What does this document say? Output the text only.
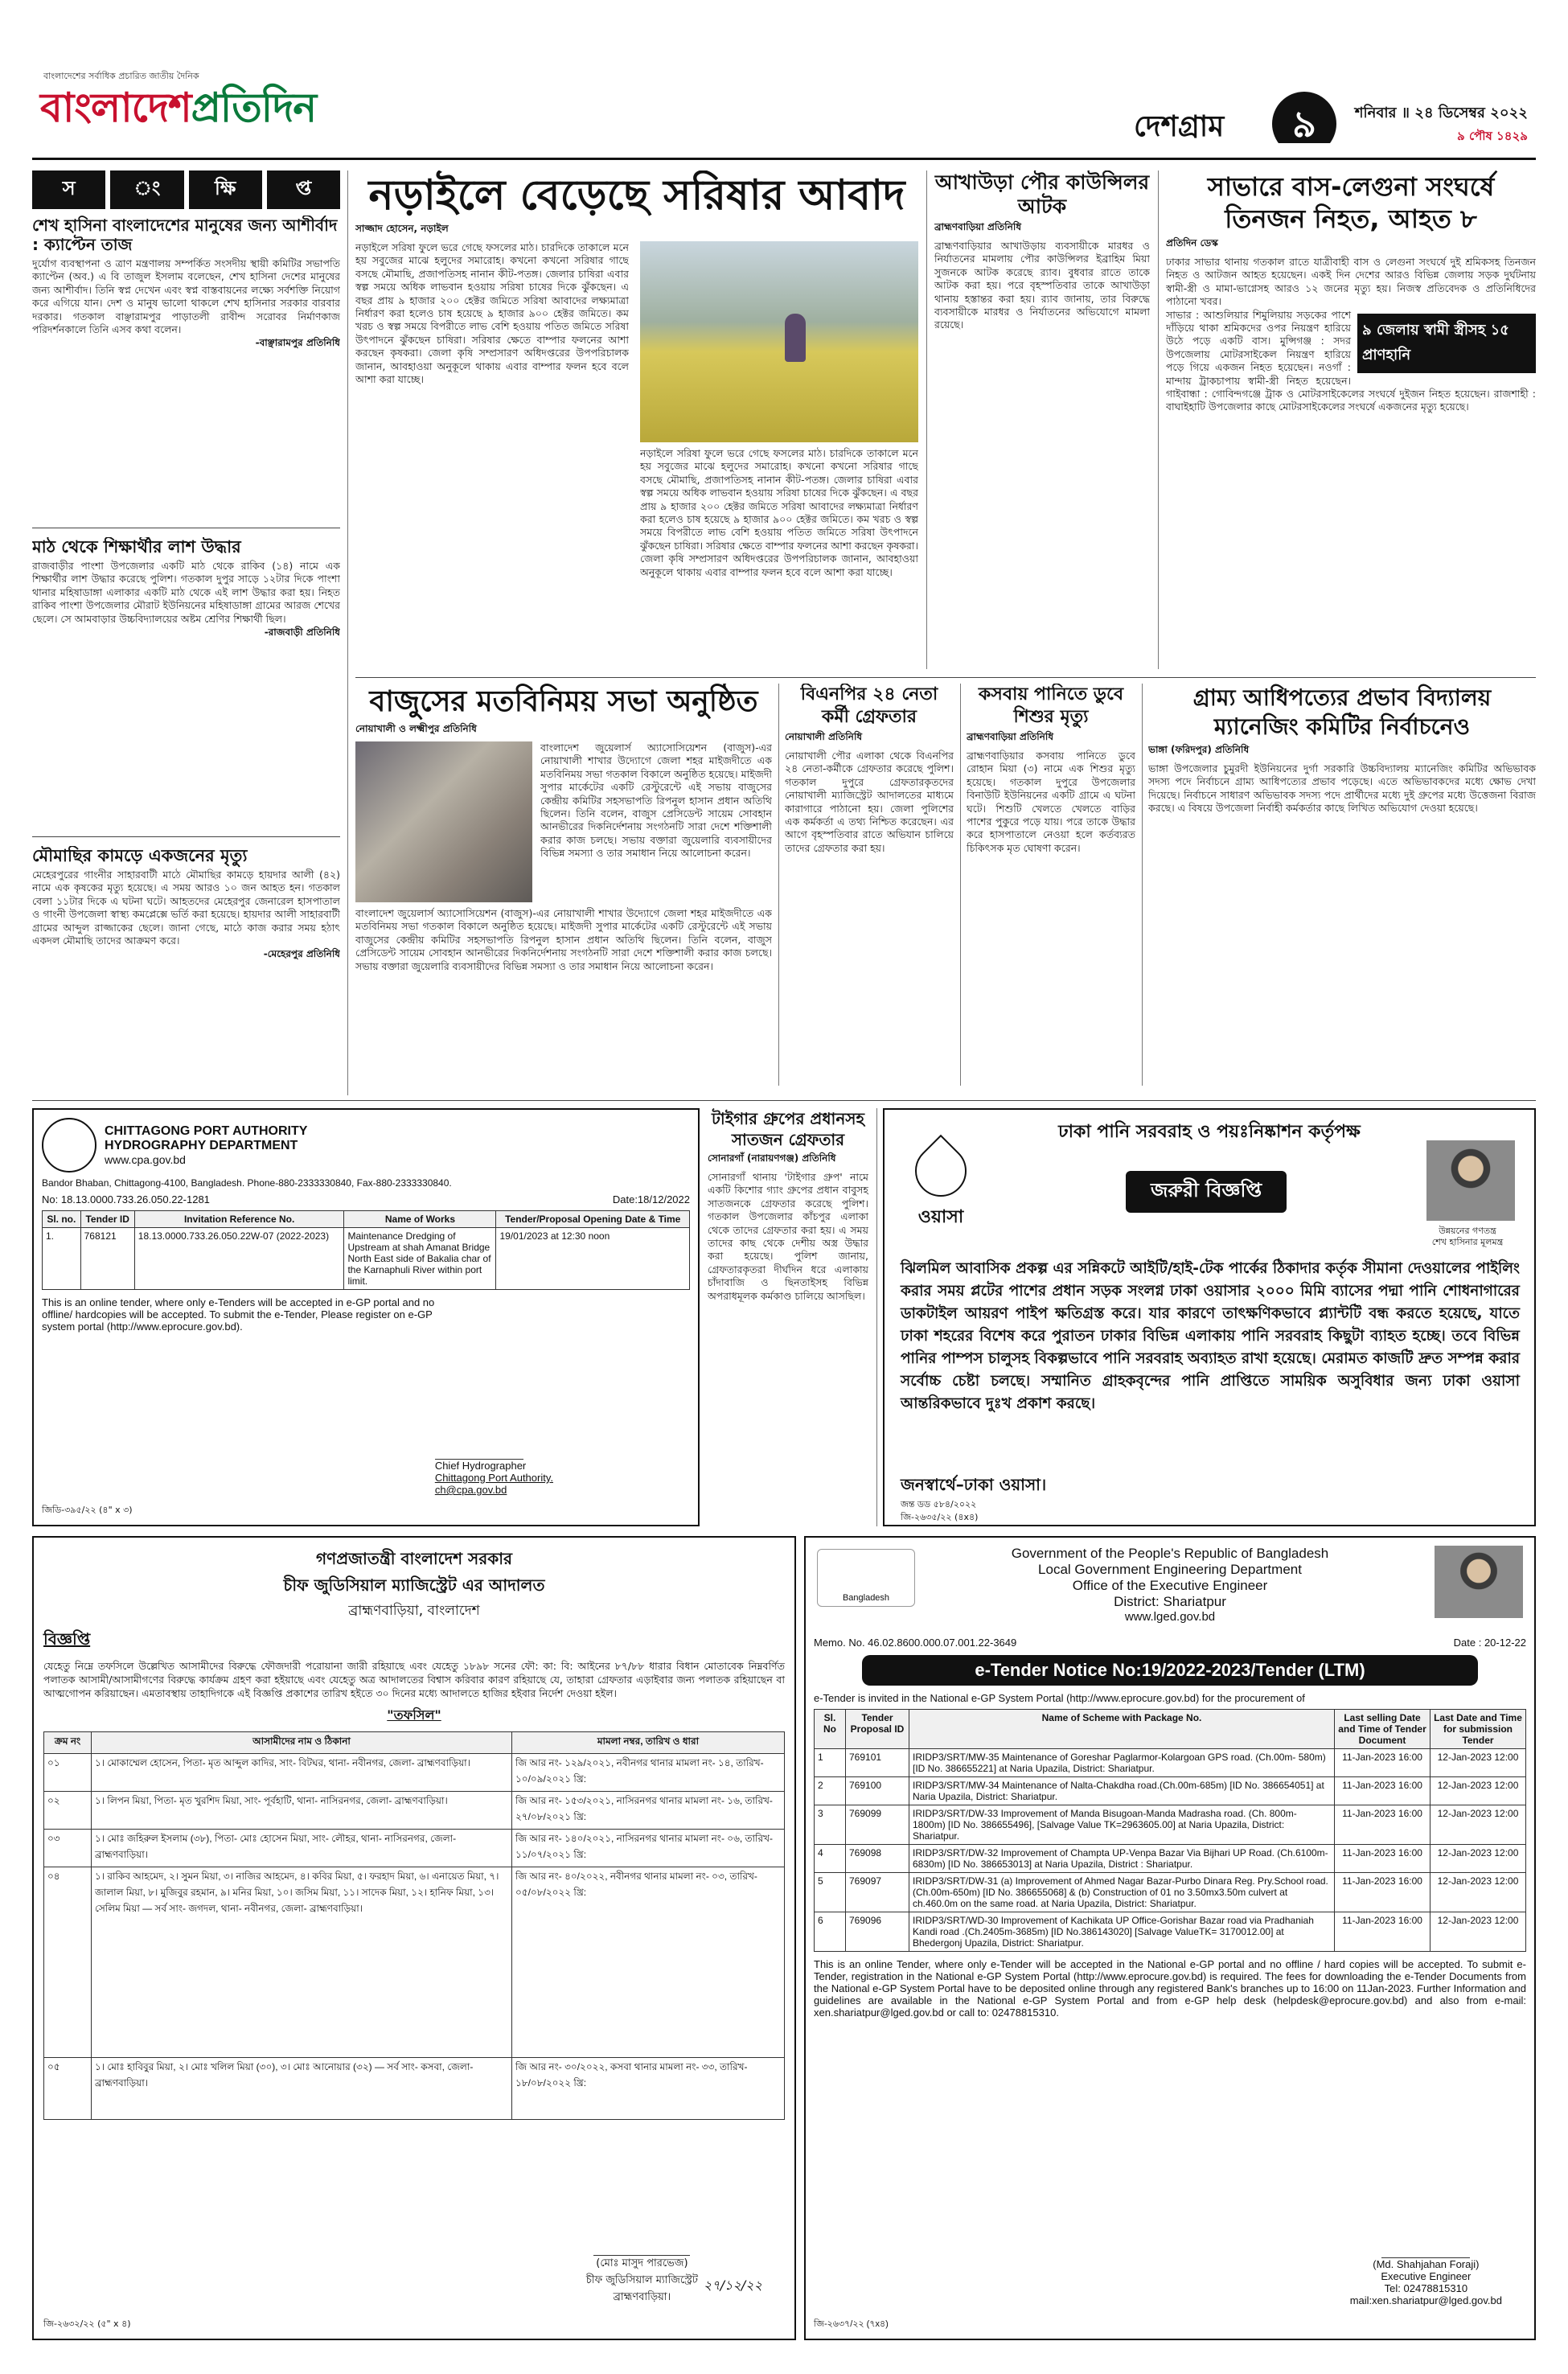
বাংলাদেশের সর্বাধিক প্রচারিত জাতীয় দৈনিক
বাংলাদেশপ্রতিদিন	দেশগ্রাম	৯	শনিবার ॥ ২৪ ডিসেম্বর ২০২২
৯ পৌষ ১৪২৯
স	ং	ক্ষি	প্ত
শেখ হাসিনা বাংলাদেশের মানুষের জন্য আশীর্বাদ : ক্যাপ্টেন তাজ
দুর্যোগ ব্যবস্থাপনা ও ত্রাণ মন্ত্রণালয় সম্পর্কিত সংসদীয় স্থায়ী কমিটির সভাপতি ক্যাপ্টেন (অব.) এ বি তাজুল ইসলাম বলেছেন, শেখ হাসিনা দেশের মানুষের জন্য আশীর্বাদ। তিনি স্বপ্ন দেখেন এবং স্বপ্ন বাস্তবায়নের লক্ষ্যে সর্বশক্তি নিয়োগ করে এগিয়ে যান। দেশ ও মানুষ ভালো থাকলে শেখ হাসিনার সরকার বারবার দরকার। গতকাল বাঞ্ছারামপুর পাড়াতলী রাবীন্দ সরোবর নির্মাণকাজ পরিদর্শনকালে তিনি এসব কথা বলেন।
-বাঞ্ছারামপুর প্রতিনিধি
মাঠ থেকে শিক্ষার্থীর লাশ উদ্ধার
রাজবাড়ীর পাংশা উপজেলার একটি মাঠ থেকে রাকিব (১৪) নামে এক শিক্ষার্থীর লাশ উদ্ধার করেছে পুলিশ। গতকাল দুপুর সাড়ে ১২টার দিকে পাংশা থানার মহিষাডাঙ্গা এলাকার একটি মাঠ থেকে এই লাশ উদ্ধার করা হয়। নিহত রাকিব পাংশা উপজেলার মৌরাট ইউনিয়নের মহিষাডাঙ্গা গ্রামের আরজ শেখের ছেলে। সে আমবাড়ার উচ্চবিদ্যালয়ের অষ্টম শ্রেণির শিক্ষার্থী ছিল।
-রাজবাড়ী প্রতিনিধি
মৌমাছির কামড়ে একজনের মৃত্যু
মেহেরপুরের গাংনীর সাহারবাটী মাঠে মৌমাছির কামড়ে হায়দার আলী (৪২) নামে এক কৃষকের মৃত্যু হয়েছে। এ সময় আরও ১০ জন আহত হন। গতকাল বেলা ১১টার দিকে এ ঘটনা ঘটে। আহতদের মেহেরপুর জেনারেল হাসপাতাল ও গাংনী উপজেলা স্বাস্থ্য কমপ্লেক্সে ভর্তি করা হয়েছে। হায়দার আলী সাহারবাটী গ্রামের আব্দুল রাজ্জাকের ছেলে। জানা গেছে, মাঠে কাজ করার সময় হঠাৎ একদল মৌমাছি তাদের আক্রমণ করে।
-মেহেরপুর প্রতিনিধি
নড়াইলে বেড়েছে সরিষার আবাদ
সাজ্জাদ হোসেন, নড়াইল
নড়াইলে সরিষা ফুলে ভরে গেছে ফসলের মাঠ। চারদিকে তাকালে মনে হয় সবুজের মাঝে হলুদের সমারোহ। কখনো কখনো সরিষার গাছে বসছে মৌমাছি, প্রজাপতিসহ নানান কীট-পতঙ্গ। জেলার চাষিরা এবার স্বল্প সময়ে অধিক লাভবান হওয়ায় সরিষা চাষের দিকে ঝুঁকছেন। এ বছর প্রায় ৯ হাজার ২০০ হেক্টর জমিতে সরিষা আবাদের লক্ষ্যমাত্রা নির্ধারণ করা হলেও চাষ হয়েছে ৯ হাজার ৯০০ হেক্টর জমিতে। কম খরচ ও স্বল্প সময়ে বিপরীতে লাভ বেশি হওয়ায় পতিত জমিতে সরিষা উৎপাদনে ঝুঁকছেন চাষিরা। সরিষার ক্ষেতে বাম্পার ফলনের আশা করছেন কৃষকরা। জেলা কৃষি সম্প্রসারণ অধিদপ্তরের উপপরিচালক জানান, আবহাওয়া অনুকূলে থাকায় এবার বাম্পার ফলন হবে বলে আশা করা যাচ্ছে।
নড়াইলে সরিষা ফুলে ভরে গেছে ফসলের মাঠ। চারদিকে তাকালে মনে হয় সবুজের মাঝে হলুদের সমারোহ। কখনো কখনো সরিষার গাছে বসছে মৌমাছি, প্রজাপতিসহ নানান কীট-পতঙ্গ। জেলার চাষিরা এবার স্বল্প সময়ে অধিক লাভবান হওয়ায় সরিষা চাষের দিকে ঝুঁকছেন। এ বছর প্রায় ৯ হাজার ২০০ হেক্টর জমিতে সরিষা আবাদের লক্ষ্যমাত্রা নির্ধারণ করা হলেও চাষ হয়েছে ৯ হাজার ৯০০ হেক্টর জমিতে। কম খরচ ও স্বল্প সময়ে বিপরীতে লাভ বেশি হওয়ায় পতিত জমিতে সরিষা উৎপাদনে ঝুঁকছেন চাষিরা। সরিষার ক্ষেতে বাম্পার ফলনের আশা করছেন কৃষকরা। জেলা কৃষি সম্প্রসারণ অধিদপ্তরের উপপরিচালক জানান, আবহাওয়া অনুকূলে থাকায় এবার বাম্পার ফলন হবে বলে আশা করা যাচ্ছে।
আখাউড়া পৌর কাউন্সিলর আটক
ব্রাহ্মণবাড়িয়া প্রতিনিধি
ব্রাহ্মণবাড়িয়ার আখাউড়ায় ব্যবসায়ীকে মারধর ও নির্যাতনের মামলায় পৌর কাউন্সিলর ইব্রাহিম মিয়া সুজনকে আটক করেছে র‌্যাব। বুধবার রাতে তাকে আটক করা হয়। পরে বৃহস্পতিবার তাকে আখাউড়া থানায় হস্তান্তর করা হয়। র‌্যাব জানায়, তার বিরুদ্ধে ব্যবসায়ীকে মারধর ও নির্যাতনের অভিযোগে মামলা রয়েছে।
সাভারে বাস-লেগুনা সংঘর্ষে তিনজন নিহত, আহত ৮
প্রতিদিন ডেস্ক
ঢাকার সাভার থানায় গতকাল রাতে যাত্রীবাহী বাস ও লেগুনা সংঘর্ষে দুই শ্রমিকসহ তিনজন নিহত ও আটজন আহত হয়েছেন। একই দিন দেশের আরও বিভিন্ন জেলায় সড়ক দুর্ঘটনায় স্বামী-স্ত্রী ও মামা-ভাগ্নেসহ আরও ১২ জনের মৃত্যু হয়। নিজস্ব প্রতিবেদক ও প্রতিনিধিদের পাঠানো খবর।
৯ জেলায় স্বামী স্ত্রীসহ ১৫ প্রাণহানি
সাভার : আশুলিয়ার শিমুলিয়ায় সড়কের পাশে দাঁড়িয়ে থাকা শ্রমিকদের ওপর নিয়ন্ত্রণ হারিয়ে উঠে পড়ে একটি বাস। মুন্সিগঞ্জ : সদর উপজেলায় মোটরসাইকেল নিয়ন্ত্রণ হারিয়ে পড়ে গিয়ে একজন নিহত হয়েছেন। নওগাঁ : মান্দায় ট্রাকচাপায় স্বামী-স্ত্রী নিহত হয়েছেন। গাইবান্ধা : গোবিন্দগঞ্জে ট্রাক ও মোটরসাইকেলের সংঘর্ষে দুইজন নিহত হয়েছেন। রাজশাহী : বাঘাইহাটি উপজেলার কাছে মোটরসাইকেলের সংঘর্ষে একজনের মৃত্যু হয়েছে।
বাজুসের মতবিনিময় সভা অনুষ্ঠিত
নোয়াখালী ও লক্ষ্মীপুর প্রতিনিধি
বাংলাদেশ জুয়েলার্স অ্যাসোসিয়েশন (বাজুস)-এর নোয়াখালী শাখার উদ্যোগে জেলা শহর মাইজদীতে এক মতবিনিময় সভা গতকাল বিকালে অনুষ্ঠিত হয়েছে। মাইজদী সুপার মার্কেটের একটি রেস্টুরেন্টে এই সভায় বাজুসের কেন্দ্রীয় কমিটির সহসভাপতি রিপনুল হাসান প্রধান অতিথি ছিলেন। তিনি বলেন, বাজুস প্রেসিডেন্ট সায়েম সোবহান আনভীরের দিকনির্দেশনায় সংগঠনটি সারা দেশে শক্তিশালী করার কাজ চলছে। সভায় বক্তারা জুয়েলারি ব্যবসায়ীদের বিভিন্ন সমস্যা ও তার সমাধান নিয়ে আলোচনা করেন।
বাংলাদেশ জুয়েলার্স অ্যাসোসিয়েশন (বাজুস)-এর নোয়াখালী শাখার উদ্যোগে জেলা শহর মাইজদীতে এক মতবিনিময় সভা গতকাল বিকালে অনুষ্ঠিত হয়েছে। মাইজদী সুপার মার্কেটের একটি রেস্টুরেন্টে এই সভায় বাজুসের কেন্দ্রীয় কমিটির সহসভাপতি রিপনুল হাসান প্রধান অতিথি ছিলেন। তিনি বলেন, বাজুস প্রেসিডেন্ট সায়েম সোবহান আনভীরের দিকনির্দেশনায় সংগঠনটি সারা দেশে শক্তিশালী করার কাজ চলছে। সভায় বক্তারা জুয়েলারি ব্যবসায়ীদের বিভিন্ন সমস্যা ও তার সমাধান নিয়ে আলোচনা করেন।
বিএনপির ২৪ নেতা কর্মী গ্রেফতার
নোয়াখালী প্রতিনিধি
নোয়াখালী পৌর এলাকা থেকে বিএনপির ২৪ নেতা-কর্মীকে গ্রেফতার করেছে পুলিশ। গতকাল দুপুরে গ্রেফতারকৃতদের নোয়াখালী ম্যাজিস্ট্রেট আদালতের মাধ্যমে কারাগারে পাঠানো হয়। জেলা পুলিশের এক কর্মকর্তা এ তথ্য নিশ্চিত করেছেন। এর আগে বৃহস্পতিবার রাতে অভিযান চালিয়ে তাদের গ্রেফতার করা হয়।
কসবায় পানিতে ডুবে শিশুর মৃত্যু
ব্রাহ্মণবাড়িয়া প্রতিনিধি
ব্রাহ্মণবাড়িয়ার কসবায় পানিতে ডুবে রোহান মিয়া (৩) নামে এক শিশুর মৃত্যু হয়েছে। গতকাল দুপুরে উপজেলার বিনাউটি ইউনিয়নের একটি গ্রামে এ ঘটনা ঘটে। শিশুটি খেলতে খেলতে বাড়ির পাশের পুকুরে পড়ে যায়। পরে তাকে উদ্ধার করে হাসপাতালে নেওয়া হলে কর্তব্যরত চিকিৎসক মৃত ঘোষণা করেন।
গ্রাম্য আধিপত্যের প্রভাব বিদ্যালয় ম্যানেজিং কমিটির নির্বাচনেও
ভাঙ্গা (ফরিদপুর) প্রতিনিধি
ভাঙ্গা উপজেলার চুমুরদী ইউনিয়নের দুর্গা সরকারি উচ্চবিদ্যালয় ম্যানেজিং কমিটির অভিভাবক সদস্য পদে নির্বাচনে গ্রাম্য আধিপত্যের প্রভাব পড়েছে। এতে অভিভাবকদের মধ্যে ক্ষোভ দেখা দিয়েছে। নির্বাচনে সাধারণ অভিভাবক সদস্য পদে প্রার্থীদের মধ্যে দুই গ্রুপের মধ্যে উত্তেজনা বিরাজ করছে। এ বিষয়ে উপজেলা নির্বাহী কর্মকর্তার কাছে লিখিত অভিযোগ দেওয়া হয়েছে।
CHITTAGONG PORT AUTHORITY
HYDROGRAPHY DEPARTMENT
www.cpa.gov.bd
Bandor Bhaban, Chittagong-4100, Bangladesh. Phone-880-2333330840, Fax-880-2333330840.
No: 18.13.0000.733.26.050.22-1281	Date:18/12/2022
Sl. no.	Tender ID	Invitation Reference No.	Name of Works	Tender/Proposal Opening Date & Time
1.	768121	18.13.0000.733.26.050.22W-07 (2022-2023)	Maintenance Dredging of Upstream at shah Amanat Bridge North East side of Bakalia char of the Karnaphuli River within port limit.	19/01/2023 at 12:30 noon
This is an online tender, where only e-Tenders will be accepted in e-GP portal and no offline/ hardcopies will be accepted. To submit the e-Tender, Please register on e-GP system portal (http://www.eprocure.gov.bd).
Chief Hydrographer
Chittagong Port Authority.
ch@cpa.gov.bd
জিডি-৩৯৫/২২ (৪" x ৩)
টাইগার গ্রুপের প্রধানসহ সাতজন গ্রেফতার
সোনারগাঁ (নারায়ণগঞ্জ) প্রতিনিধি
সোনারগাঁ থানায় 'টাইগার গ্রুপ' নামে একটি কিশোর গ্যাং গ্রুপের প্রধান বাবুসহ সাতজনকে গ্রেফতার করেছে পুলিশ। গতকাল উপজেলার কাঁচপুর এলাকা থেকে তাদের গ্রেফতার করা হয়। এ সময় তাদের কাছ থেকে দেশীয় অস্ত্র উদ্ধার করা হয়েছে। পুলিশ জানায়, গ্রেফতারকৃতরা দীর্ঘদিন ধরে এলাকায় চাঁদাবাজি ও ছিনতাইসহ বিভিন্ন অপরাধমূলক কর্মকাণ্ড চালিয়ে আসছিল।
ঢাকা পানি সরবরাহ ও পয়ঃনিষ্কাশন কর্তৃপক্ষ
ওয়াসা
জরুরী বিজ্ঞপ্তি
উন্নয়নের গণতন্ত্র
শেখ হাসিনার মূলমন্ত্র
ঝিলমিল আবাসিক প্রকল্প এর সন্নিকটে আইটি/হাই-টেক পার্কের ঠিকাদার কর্তৃক সীমানা দেওয়ালের পাইলিং করার সময় প্লটের পাশের প্রধান সড়ক সংলগ্ন ঢাকা ওয়াসার ২০০০ মিমি ব্যাসের পদ্মা পানি শোধনাগারের ডাকটাইল আয়রণ পাইপ ক্ষতিগ্রস্ত করে। যার কারণে তাৎক্ষণিকভাবে প্ল্যান্টটি বন্ধ করতে হয়েছে, যাতে ঢাকা শহরের বিশেষ করে পুরাতন ঢাকার বিভিন্ন এলাকায় পানি সরবরাহ কিছুটা ব্যাহত হচ্ছে। তবে বিভিন্ন পানির পাম্পস চালুসহ বিকল্পভাবে পানি সরবরাহ অব্যাহত রাখা হয়েছে। মেরামত কাজটি দ্রুত সম্পন্ন করার সর্বোচ্চ চেষ্টা চলছে। সম্মানিত গ্রাহকবৃন্দের পানি প্রাপ্তিতে সাময়িক অসুবিধার জন্য ঢাকা ওয়াসা আন্তরিকভাবে দুঃখ প্রকাশ করছে।
জনস্বার্থে–ঢাকা ওয়াসা।
জন্ত ডড ৫৮৪/২০২২
জি-২৬৩৫/২২ (৪x৪)
গণপ্রজাতন্ত্রী বাংলাদেশ সরকার
চীফ জুডিসিয়াল ম্যাজিস্ট্রেট এর আদালত
ব্রাহ্মণবাড়িয়া, বাংলাদেশ
বিজ্ঞপ্তি
যেহেতু নিম্নে তফসিলে উল্লেখিত আসামীদের বিরুদ্ধে ফৌজদারী পরোয়ানা জারী রহিয়াছে এবং যেহেতু ১৮৯৮ সনের ফৌ: কা: বি: আইনের ৮৭/৮৮ ধারার বিধান মোতাবেক নিম্নবর্ণিত পলাতক আসামী/আসামীগণের বিরুদ্ধে কার্যক্রম গ্রহণ করা হইয়াছে এবং যেহেতু অত্র আদালতের বিশ্বাস করিবার কারণ রহিয়াছে যে, তাহারা গ্রেফতার এড়াইবার জন্য পলাতক রহিয়াছেন বা আত্মগোপন করিয়াছেন। এমতাবস্থায় তাহাদিগকে এই বিজ্ঞপ্তি প্রকাশের তারিখ হইতে ৩০ দিনের মধ্যে আদালতে হাজির হইবার নির্দেশ দেওয়া হইল।
"তফসিল"
ক্রম নং	আসামীদের নাম ও ঠিকানা	মামলা নম্বর, তারিখ ও ধারা
০১	১। মোকাম্মেল হোসেন, পিতা- মৃত আব্দুল কাদির, সাং- বিটঘর, থানা- নবীনগর, জেলা- ব্রাহ্মণবাড়িয়া।	জি আর নং- ১২৯/২০২১, নবীনগর থানার মামলা নং- ১৪, তারিখ- ১০/০৯/২০২১ খ্রি:
০২	১। লিপন মিয়া, পিতা- মৃত খুরশিদ মিয়া, সাং- পূর্বহাটি, থানা- নাসিরনগর, জেলা- ব্রাহ্মণবাড়িয়া।	জি আর নং- ১৫৩/২০২১, নাসিরনগর থানার মামলা নং- ১৬, তারিখ- ২৭/০৮/২০২১ খ্রি:
০৩	১। মোঃ জহিরুল ইসলাম (৩৮), পিতা- মোঃ হোসেন মিয়া, সাং- লৌহর, থানা- নাসিরনগর, জেলা- ব্রাহ্মণবাড়িয়া।	জি আর নং- ১৪০/২০২১, নাসিরনগর থানার মামলা নং- ০৬, তারিখ- ১১/০৭/২০২১ খ্রি:
০৪	১। রাকিব আহমেদ, ২। সুমন মিয়া, ৩। নাজির আহমেদ, ৪। কবির মিয়া, ৫। ফরহাদ মিয়া, ৬। এনায়েত মিয়া, ৭। জালাল মিয়া, ৮। মুজিবুর রহমান, ৯। মনির মিয়া, ১০। জসিম মিয়া, ১১। সাদেক মিয়া, ১২। হানিফ মিয়া, ১৩। সেলিম মিয়া — সর্ব সাং- জগদল, থানা- নবীনগর, জেলা- ব্রাহ্মণবাড়িয়া।	জি আর নং- ৪০/২০২২, নবীনগর থানার মামলা নং- ০৩, তারিখ- ০৫/০৮/২০২২ খ্রি:
০৫	১। মোঃ হাবিবুর মিয়া, ২। মোঃ খলিল মিয়া (৩০), ৩। মোঃ আনোয়ার (৩২) — সর্ব সাং- কসবা, জেলা- ব্রাহ্মণবাড়িয়া।	জি আর নং- ৩০/২০২২, কসবা থানার মামলা নং- ৩৩, তারিখ- ১৮/০৮/২০২২ খ্রি:
(মোঃ মাসুদ পারভেজ)
চীফ জুডিসিয়াল ম্যাজিস্ট্রেট
ব্রাহ্মণবাড়িয়া।
২৭/১২/২২
জি-২৬৩২/২২ (৫" x ৪)
Bangladesh
Government of the People's Republic of Bangladesh
Local Government Engineering Department
Office of the Executive Engineer
District: Shariatpur
www.lged.gov.bd
Memo. No. 46.02.8600.000.07.001.22-3649	Date : 20-12-22
e-Tender Notice No:19/2022-2023/Tender (LTM)
e-Tender is invited in the National e-GP System Portal (http://www.eprocure.gov.bd) for the procurement of
Sl. No	Tender Proposal ID	Name of Scheme with Package No.	Last selling Date and Time of Tender Document	Last Date and Time for submission Tender
1	769101	IRIDP3/SRT/MW-35 Maintenance of Goreshar Paglarmor-Kolargoan GPS road. (Ch.00m- 580m) [ID No. 386655221] at Naria Upazila, District: Shariatpur.	11-Jan-2023 16:00	12-Jan-2023 12:00
2	769100	IRIDP3/SRT/MW-34 Maintenance of Nalta-Chakdha road.(Ch.00m-685m) [ID No. 386654051] at Naria Upazila, District: Shariatpur.	11-Jan-2023 16:00	12-Jan-2023 12:00
3	769099	IRIDP3/SRT/DW-33 Improvement of Manda Bisugoan-Manda Madrasha road. (Ch. 800m- 1800m) [ID No. 386655496], [Salvage Value TK=2963605.00] at Naria Upazila, District: Shariatpur.	11-Jan-2023 16:00	12-Jan-2023 12:00
4	769098	IRIDP3/SRT/DW-32 Improvement of Champta UP-Venpa Bazar Via Bijhari UP Road. (Ch.6100m-6830m) [ID No. 386653013] at Naria Upazila, District : Shariatpur.	11-Jan-2023 16:00	12-Jan-2023 12:00
5	769097	IRIDP3/SRT/DW-31 (a) Improvement of Ahmed Nagar Bazar-Purbo Dinara Reg. Pry.School road.(Ch.00m-650m) [ID No. 386655068] & (b) Construction of 01 no 3.50mx3.50m culvert at ch.460.0m on the same road. at Naria Upazila, District: Shariatpur.	11-Jan-2023 16:00	12-Jan-2023 12:00
6	769096	IRIDP3/SRT/WD-30 Improvement of Kachikata UP Office-Gorishar Bazar road via Pradhaniah Kandi road .(Ch.2405m-3685m) [ID No.386143020] [Salvage ValueTK= 3170012.00] at Bhedergonj Upazila, District: Shariatpur.	11-Jan-2023 16:00	12-Jan-2023 12:00
This is an online Tender, where only e-Tender will be accepted in the National e-GP portal and no offline / hard copies will be accepted. To submit e-Tender, registration in the National e-GP System Portal (http://www.eprocure.gov.bd) is required. The fees for downloading the e-Tender Documents from the National e-GP System Portal have to be deposited online through any registered Bank's branches up to 16:00 on 11Jan-2023. Further Information and guidelines are available in the National e-GP System Portal and from e-GP help desk (helpdesk@eprocure.gov.bd) and also from e-mail: xen.shariatpur@lged.gov.bd or call to: 02478815310.
(Md. Shahjahan Foraji)
Executive Engineer
Tel: 02478815310
mail:xen.shariatpur@lged.gov.bd
জি-২৬৩৭/২২ (৭x৪)
